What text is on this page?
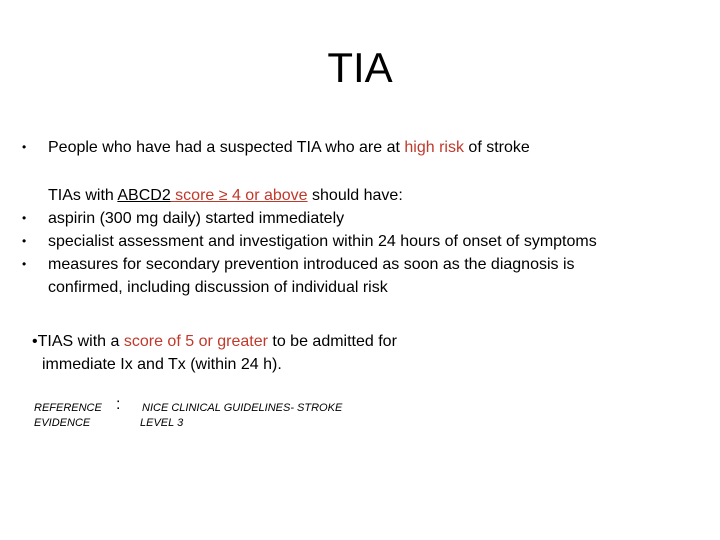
TIA
• People who have had a suspected TIA who are at high risk of stroke
TIAs with ABCD2 score ≥ 4 or above should have:
• aspirin (300 mg daily) started immediately
• specialist assessment and investigation within 24 hours of onset of symptoms
• measures for secondary prevention introduced as soon as the diagnosis is
confirmed, including discussion of individual risk
•TIAS with a score of 5 or greater to be admitted for
immediate Ix and Tx (within 24 h).
REFERENCE
EVIDENCE
: NICE CLINICAL GUIDELINES- STROKE
LEVEL 3
